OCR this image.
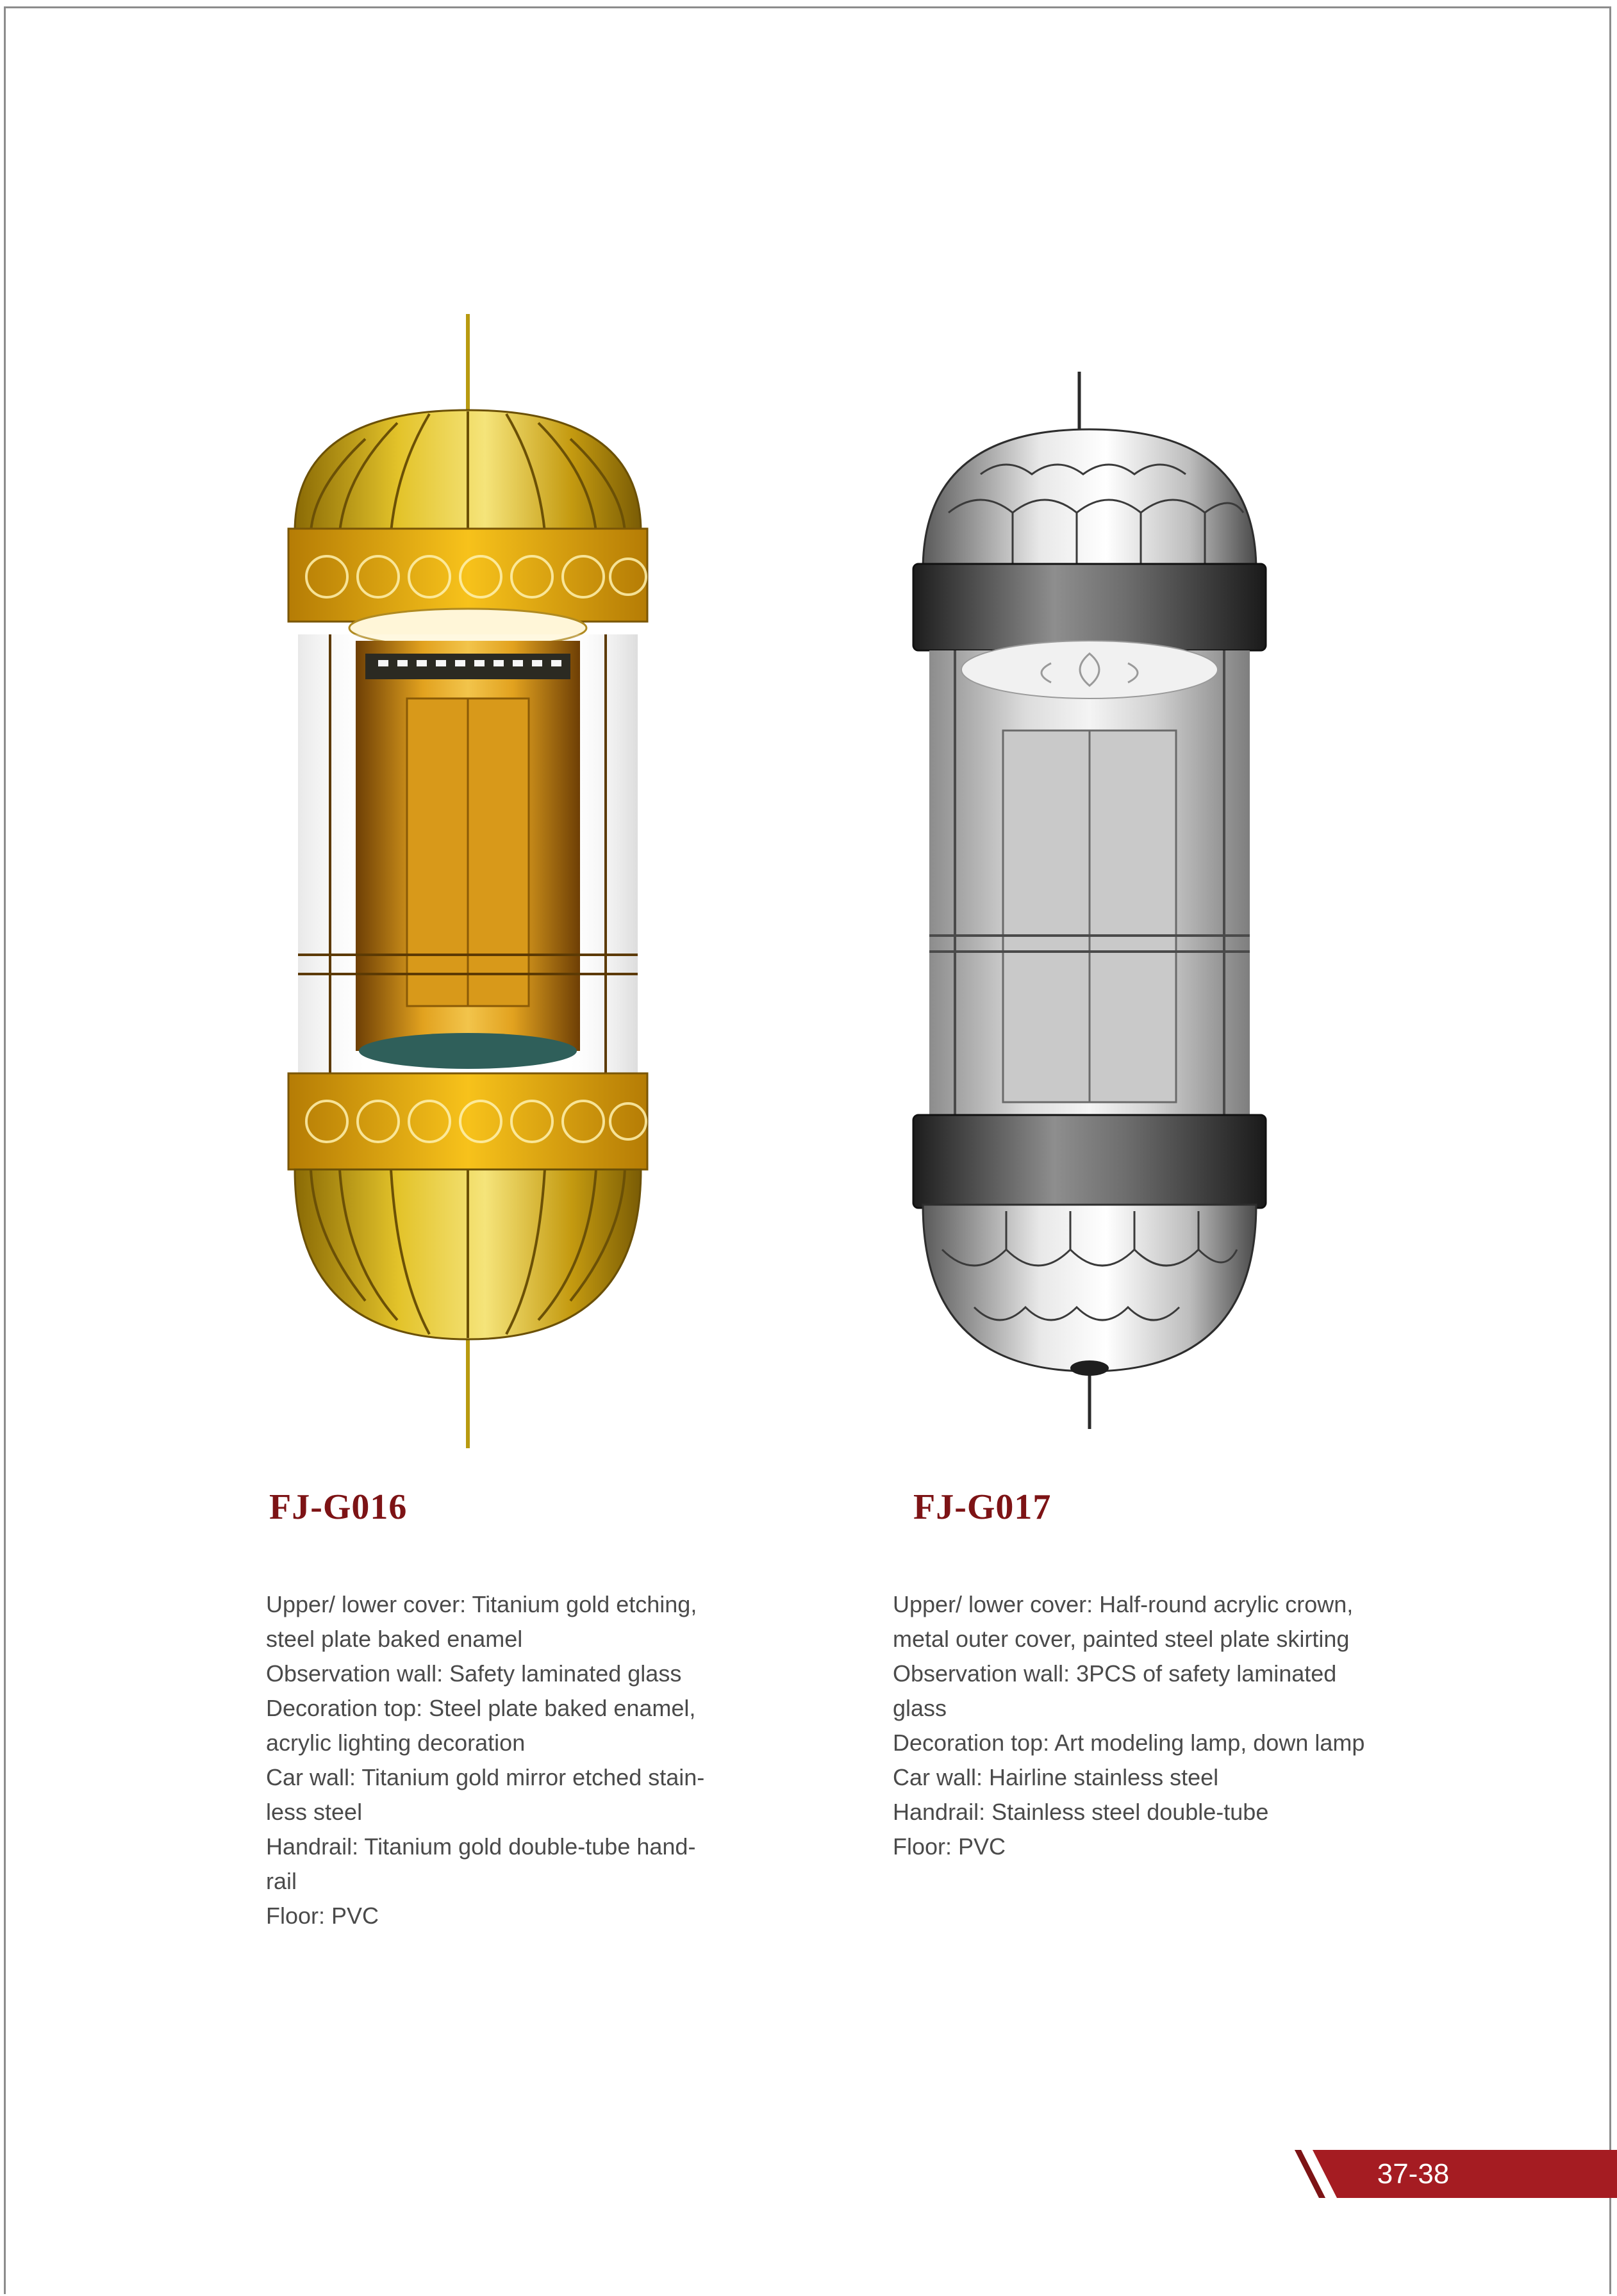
FJ-G016	FJ-G017
Upper/ lower cover: Titanium gold etching,
steel plate baked enamel
Observation wall: Safety laminated glass
Decoration top: Steel plate baked enamel,
acrylic lighting decoration
Car wall: Titanium gold mirror etched stain-
less steel
Handrail: Titanium gold double-tube hand-
rail
Floor: PVC
Upper/ lower cover: Half-round acrylic crown,
metal outer cover, painted steel plate skirting
Observation wall: 3PCS of safety laminated
glass
Decoration top: Art modeling lamp, down lamp
Car wall: Hairline stainless steel
Handrail: Stainless steel double-tube
Floor: PVC
37-38
